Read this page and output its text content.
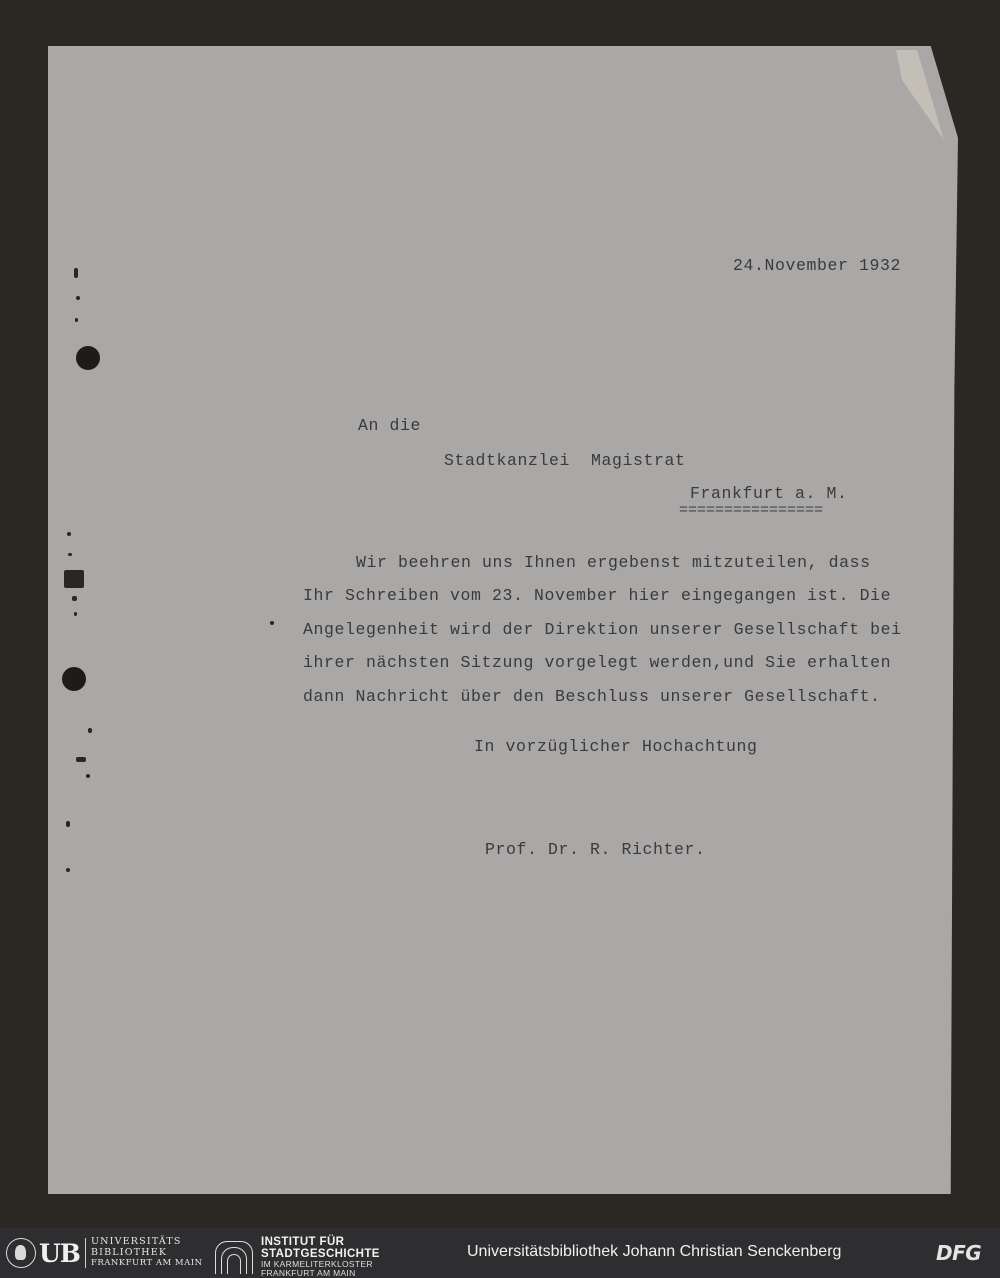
24.November 1932
An die
Stadtkanzlei  Magistrat
Frankfurt a. M.
================
Wir beehren uns Ihnen ergebenst mitzuteilen, dass
Ihr Schreiben vom 23. November hier eingegangen ist. Die
Angelegenheit wird der Direktion unserer Gesellschaft bei
ihrer nächsten Sitzung vorgelegt werden,und Sie erhalten
dann Nachricht über den Beschluss unserer Gesellschaft.
In vorzüglicher Hochachtung
Prof. Dr. R. Richter.
UB UNIVERSITÄTS
BIBLIOTHEK
FRANKFURT AM MAIN
INSTITUT FÜR
STADTGESCHICHTE
IM KARMELITERKLOSTER
FRANKFURT AM MAIN
Universitätsbibliothek Johann Christian Senckenberg	DFG
